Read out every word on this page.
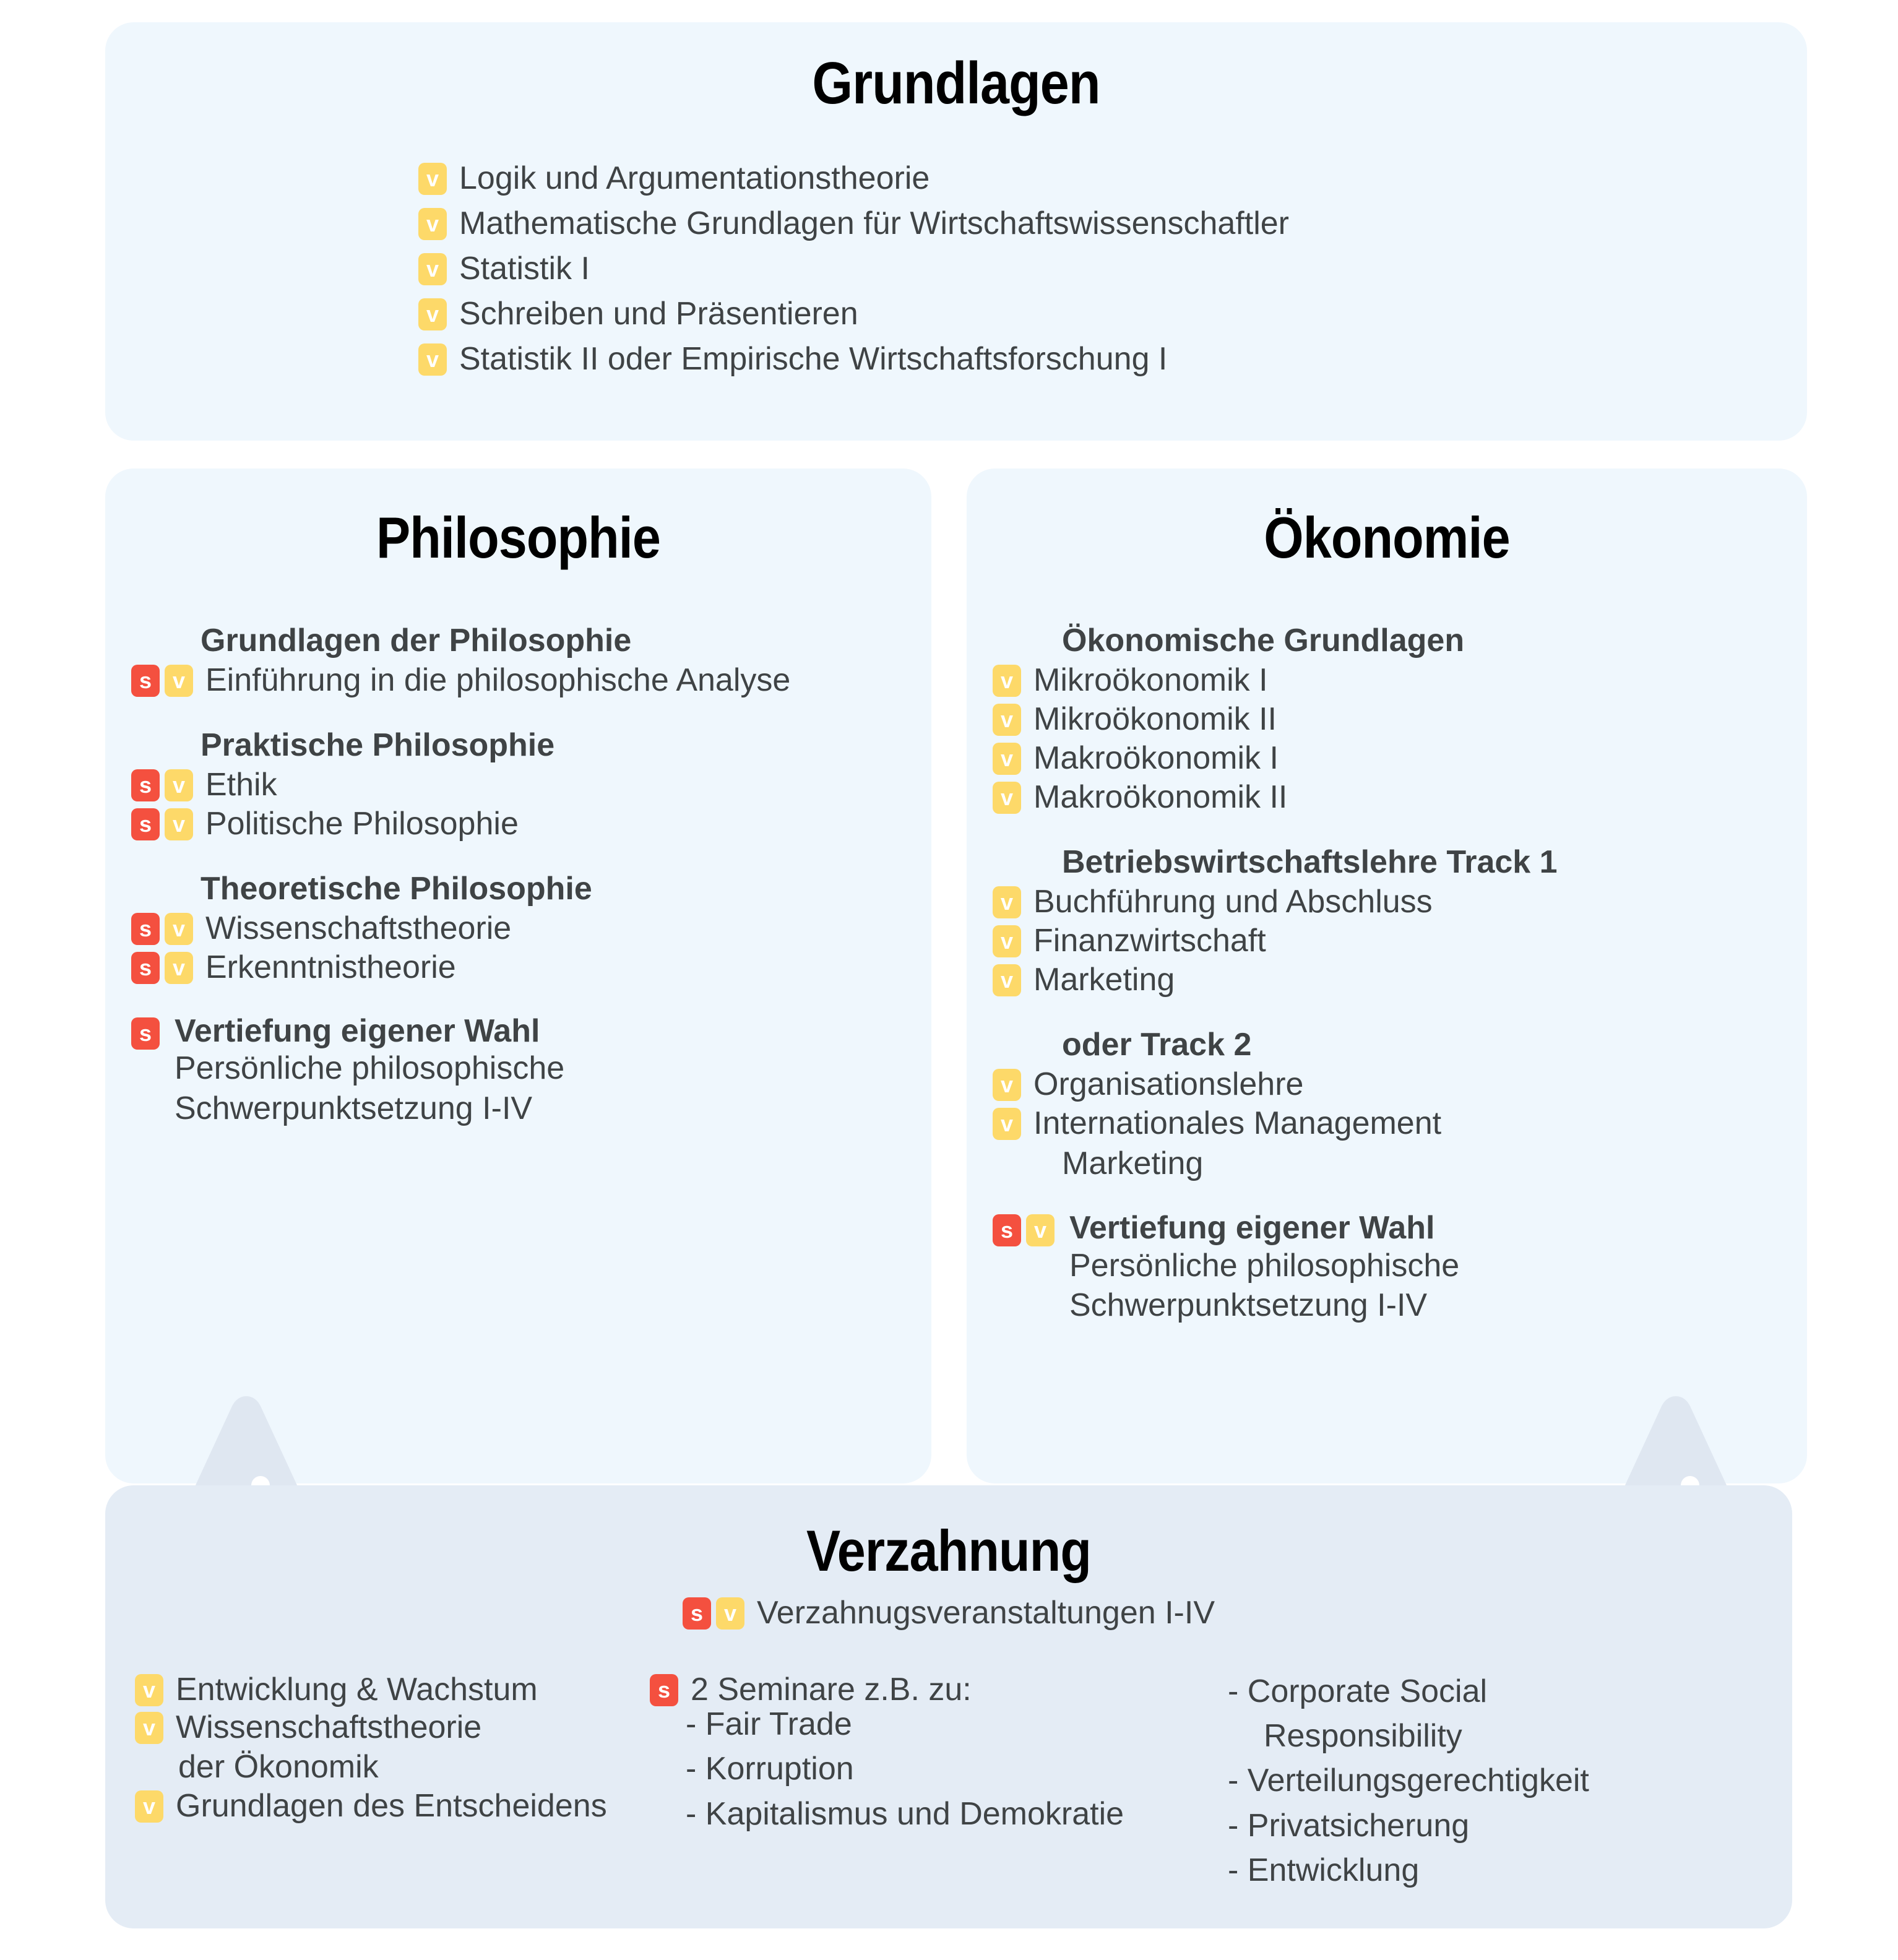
Grundlagen
v Logik und Argumentationstheorie
v Mathematische Grundlagen für Wirtschaftswissenschaftler
v Statistik I
v Schreiben und Präsentieren
v Statistik II oder Empirische Wirtschaftsforschung I
Philosophie
Grundlagen der Philosophie
s v Einführung in die philosophische Analyse
Praktische Philosophie
s v Ethik
s v Politische Philosophie
Theoretische Philosophie
s v Wissenschaftstheorie
s v Erkenntnistheorie
s Vertiefung eigener Wahl
Persönliche philosophische
Schwerpunktsetzung I-IV
Ökonomie
Ökonomische Grundlagen
v Mikroökonomik I
v Mikroökonomik II
v Makroökonomik I
v Makroökonomik II
Betriebswirtschaftslehre Track 1
v Buchführung und Abschluss
v Finanzwirtschaft
v Marketing
oder Track 2
v Organisationslehre
v Internationales Management
Marketing
s v Vertiefung eigener Wahl
Persönliche philosophische
Schwerpunktsetzung I-IV
Verzahnung
s v Verzahnugsveranstaltungen I-IV
v Entwicklung & Wachstum
v Wissenschaftstheorie
der Ökonomik
v Grundlagen des Entscheidens
s 2 Seminare z.B. zu:
- Fair Trade
- Korruption
- Kapitalismus und Demokratie
- Corporate Social
Responsibility
- Verteilungsgerechtigkeit
- Privatsicherung
- Entwicklung
